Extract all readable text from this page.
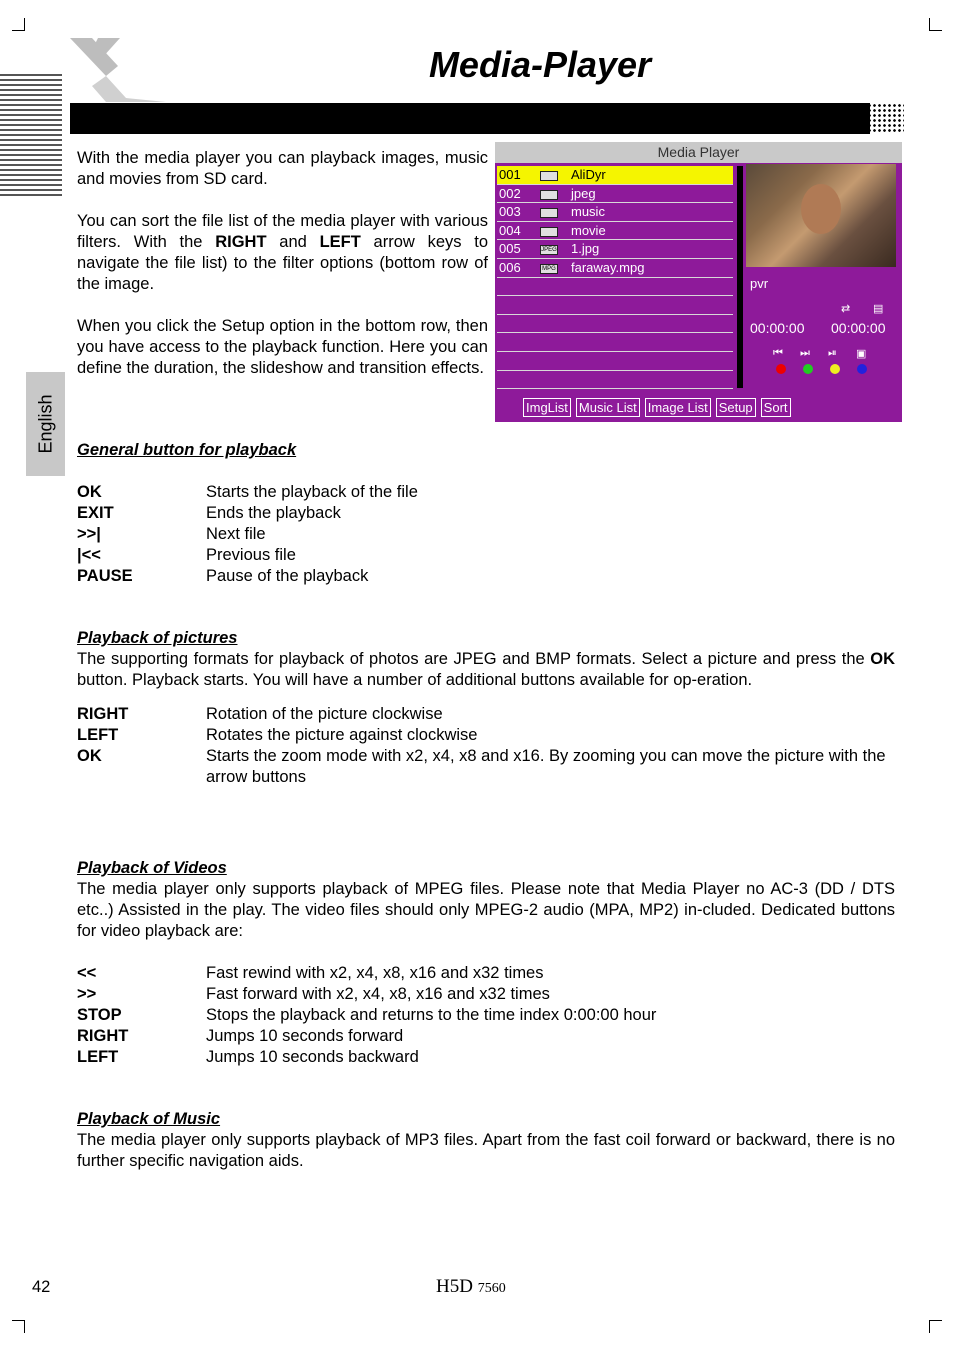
Media-Player
English

With the media player you can playback images, music and movies from SD card.

You can sort the file list of the media player with various filters. With the RIGHT and LEFT arrow keys to navigate the file list) to the filter options (bottom row of the image.

When you click the Setup option in the bottom row, then you have access to the playback function. Here you can define the duration, the slideshow and transition effects.

Media Player
001	AliDyr
002	jpeg
003	music
004	movie
005	JPEG 1.jpg
006	MPG faraway.mpg
pvr
⇄ ▤
00:00:00 00:00:00
⏮ ⏭ ⏯ ▣
ImgList Music List Image List Setup Sort
General button for playback
OK	Starts the playback of the file
EXIT	Ends the playback
>>|	Next file
|<<	Previous file
PAUSE	Pause of the playback
Playback of pictures
The supporting formats for playback of photos are JPEG and BMP formats. Select a picture and press the OK button. Playback starts. You will have a number of additional buttons available for op-eration.
RIGHT	Rotation of the picture clockwise
LEFT	Rotates the picture against clockwise
OK	Starts the zoom mode with x2, x4, x8 and x16. By zooming you can move the picture with the arrow buttons
Playback of Videos
The media player only supports playback of MPEG files. Please note that Media Player no AC-3 (DD / DTS etc..) Assisted in the play. The video files should only MPEG-2 audio (MPA, MP2) in-cluded. Dedicated buttons for video playback are:
<<	Fast rewind with x2, x4, x8, x16 and x32 times
>>	Fast forward with x2, x4, x8, x16 and x32 times
STOP	Stops the playback and returns to the time index 0:00:00 hour
RIGHT	Jumps 10 seconds forward
LEFT	Jumps 10 seconds backward
Playback of Music
The media player only supports playback of MP3 files. Apart from the fast coil forward or backward, there is no further specific navigation aids.
42	H5D 7560
